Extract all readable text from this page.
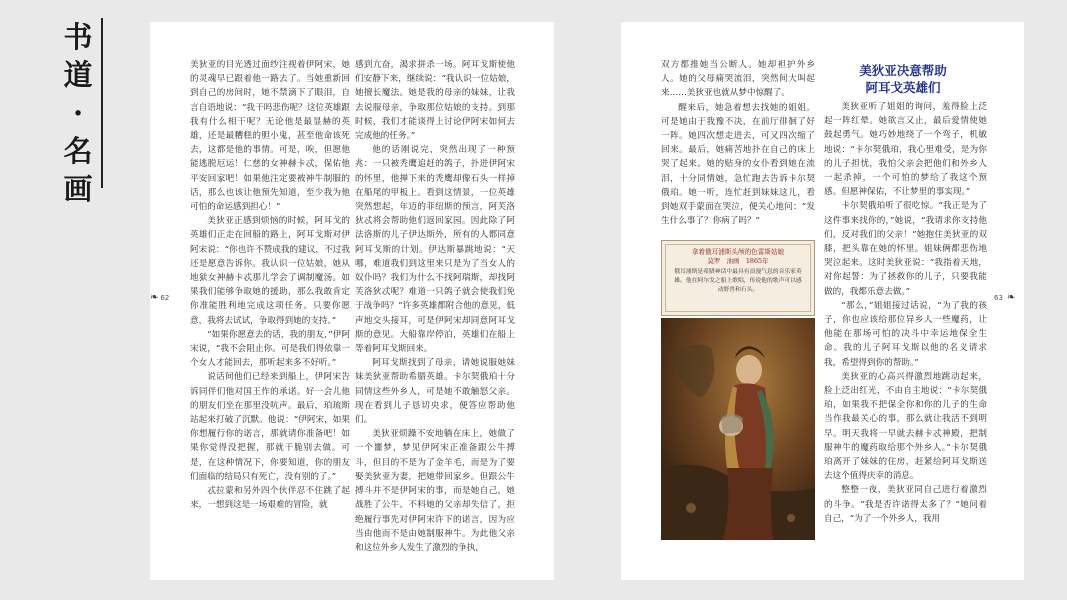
书道·名画

美狄亚的目光透过面纱注视着伊阿宋，她的灵魂早已跟着他一路去了。当她重新回到自己的房间时，她不禁滴下了眼泪，自言自语地说：“我干吗悲伤呢？这位英雄跟我有什么相干呢？无论他是最显赫的英雄，还是最糟糕的胆小鬼，甚至他命该死去，这都是他的事情。可是，唉，但愿他能逃脱厄运！仁慈的女神赫卡忒，保佑他平安回家吧！如果他注定要被神牛制服的话，那么也该让他预先知道，至少我为他可怕的命运感到担心！”

美狄亚正感到烦恼的时候，阿耳戈的英雄们正走在回船的路上，阿耳戈斯对伊阿宋说：“你也许不赞成我的建议，不过我还是愿意告诉你。我认识一位姑娘，她从地狱女神赫卡忒那儿学会了调制魔汤。如果我们能够争取她的援助，那么我敢肯定你准能胜利地完成这项任务。只要你愿意，我将去试试，争取得到她的支持。”

“如果你愿意去的话，我的朋友，”伊阿宋说，“我不会阻止你。可是我们得依靠一个女人才能回去，那听起来多不好听。”

说话间他们已经来到船上，伊阿宋告诉同伴们他对国王作的承诺。好一会儿他的朋友们坐在那里没吭声。最后，珀琉斯站起来打破了沉默。他说：“伊阿宋，如果你想履行你的诺言，那就请你准备吧！如果你觉得没把握，那就干脆别去做。可是，在这种情况下，你要知道，你的朋友们面临的结局只有死亡，没有别的了。”

忒拉蒙和另外四个伙伴忍不住跳了起来，一想到这是一场艰难的冒险，就

感到亢奋，渴求拼杀一场。阿耳戈斯使他们安静下来，继续说：“我认识一位姑娘，她擅长魔法。她是我的母亲的妹妹，让我去说服母亲，争取那位姑娘的支持。到那时候，我们才能谈得上讨论伊阿宋如何去完成他的任务。”

他的话刚说完，突然出现了一种预兆：一只被秃鹰追赶的鸽子，扑进伊阿宋的怀里，他掸下来的秃鹰却像石头一样掉在船尾的甲板上。看到这情景，一位英雄突然想起，年迈的菲纽斯的预言，阿芙洛狄忒将会帮助他们返回家园。因此除了阿法洛斯的儿子伊达斯外，所有的人都同意阿耳戈斯的计划。伊达斯暴跳地说：“天哪，难道我们到这里来只是为了当女人的奴仆吗？我们为什么不找阿瑞斯，却找阿芙洛狄忒呢？难道一只鸽子就会使我们免于战争吗？”许多英雄都附合他的意见，低声地交头接耳，可是伊阿宋却同意阿耳戈斯的意见。大船靠岸停泊，英雄们在船上等着阿耳戈斯回来。

阿耳戈斯找到了母亲，请她说服她妹妹美狄亚帮助希腊英雄。卡尔契俄珀十分同情这些外乡人，可是她不敢触怒父亲。现在看到儿子恳切央求，便答应帮助他们。

美狄亚烦躁不安地躺在床上，她做了一个噩梦，梦见伊阿宋正准备跟公牛搏斗，但目的不是为了金羊毛，而是为了要娶美狄亚为妻，把她带回家乡。但跟公牛搏斗并不是伊阿宋的事，而是她自己，她战胜了公牛。不料她的父亲却失信了，拒绝履行事先对伊阿宋许下的诺言，因为应当由他而不是由她制服神牛。为此他父亲和这位外乡人发生了激烈的争执，

❧ 62

双方都推她当公断人。她却袒护外乡人。她的父母痛哭流泪，突然间大叫起来……美狄亚也就从梦中惊醒了。

醒来后，她急着想去找她的姐姐。可是她由于我豫不决，在前厅徘徊了好一阵。她四次想走进去，可又四次缩了回来。最后，她痛苦地扑在自己的床上哭了起来。她的贴身的女仆看到她在流泪，十分同情她，急忙跑去告诉卡尔契俄珀。她一听，连忙赶到妹妹这儿，看到她双手蒙面在哭泣，便关心地问：“发生什么事了？你病了吗？”

拿着俄耳浦斯头颅的色雷斯姑娘
莫罗　油画　1865年
俄耳浦斯是希腊神话中最具有浪漫气息的音乐家英雄。他在阿尔戈之船上歌唱，传说他的歌声可以感动野兽和石头。
美狄亚决意帮助
阿耳戈英雄们

美狄亚听了姐姐的询问，羞得脸上泛起一阵红晕。她欲言又止，最后爱情使她鼓起勇气。她巧妙地绕了一个弯子，机敏地说：“卡尔契俄珀，我心里难受，是为你的儿子担忧，我怕父亲会把他们和外乡人一起杀掉，一个可怕的梦给了我这个预感。但愿神保佑，不让梦里的事实现。”

卡尔契俄珀听了很吃惊。“我正是为了这件事来找你的，”她说，“我请求你支持他们，反对我们的父亲！”她抱住美狄亚的双膝，把头靠在她的怀里。姐妹俩都悲伤地哭泣起来。这时美狄亚说：“我指着天地，对你起誓：为了拯救你的儿子，只要我能做的，我都乐意去做。”

“那么，”姐姐接过话说，“为了我的孩子，你也应该给那位异乡人一些魔药，让他能在那场可怕的决斗中幸运地保全生命。我的儿子阿耳戈斯以他的名义请求我，希望得到你的帮助。”

美狄亚的心高兴得激烈地跳动起来，脸上泛出红光，不由自主地说：“卡尔契俄珀，如果我不把保全你和你的儿子的生命当作我最关心的事，那么就让我活不到明早。明天我将一早就去赫卡忒神殿，把制服神牛的魔药取给那个外乡人。”卡尔契俄珀离开了妹妹的住房，赶紧给阿耳戈斯送去这个值得庆幸的消息。

整整一夜，美狄亚同自己进行着激烈的斗争。“我是否许诺得太多了？”她问着自己，“为了一个外乡人，我用

63 ❧
